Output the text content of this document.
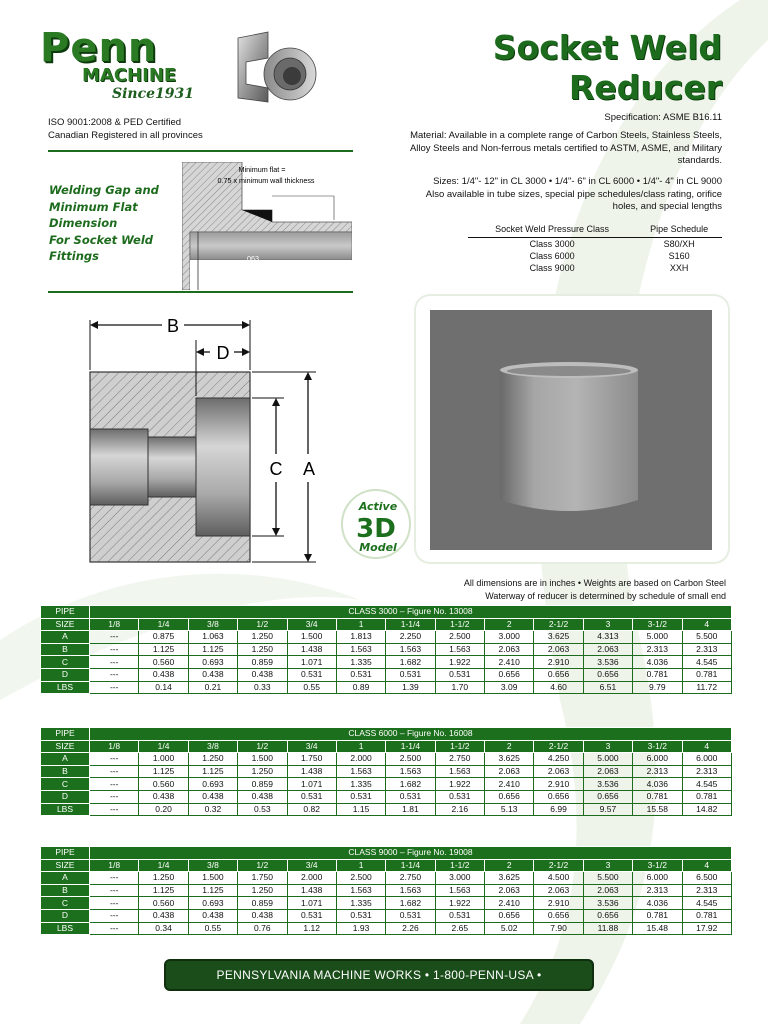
Penn
MACHINE
Since1931
ISO 9001:2008 & PED Certified
Canadian Registered in all provinces
Socket Weld
Reducer
Specification: ASME B16.11
Material: Available in a complete range of Carbon Steels, Stainless Steels, Alloy Steels and Non-ferrous metals certified to ASTM, ASME, and Military standards.
Sizes: 1/4"- 12" in CL 3000 • 1/4"- 6" in CL 6000 • 1/4"- 4" in CL 9000
Also available in tube sizes, special pipe schedules/class rating, orifice holes, and special lengths
Socket Weld Pressure Class	Pipe Schedule
Class 3000	S80/XH
Class 6000	S160
Class 9000	XXH
Welding Gap and
Minimum Flat
Dimension
For Socket Weld
Fittings
Minimum flat =
0.75 x minimum wall thickness
.063
Recommended gap
before welding
B
D
C A
Active
3D
Model
All dimensions are in inches • Weights are based on Carbon Steel
Waterway of reducer is determined by schedule of small end
PIPE	CLASS 3000 – Figure No. 13008												
SIZE	1/8	1/4	3/8	1/2	3/4	1	1-1/4	1-1/2	2	2-1/2	3	3-1/2	4
A	---	0.875	1.063	1.250	1.500	1.813	2.250	2.500	3.000	3.625	4.313	5.000	5.500
B	---	1.125	1.125	1.250	1.438	1.563	1.563	1.563	2.063	2.063	2.063	2.313	2.313
C	---	0.560	0.693	0.859	1.071	1.335	1.682	1.922	2.410	2.910	3.536	4.036	4.545
D	---	0.438	0.438	0.438	0.531	0.531	0.531	0.531	0.656	0.656	0.656	0.781	0.781
LBS	---	0.14	0.21	0.33	0.55	0.89	1.39	1.70	3.09	4.60	6.51	9.79	11.72
PIPE	CLASS 6000 – Figure No. 16008												
SIZE	1/8	1/4	3/8	1/2	3/4	1	1-1/4	1-1/2	2	2-1/2	3	3-1/2	4
A	---	1.000	1.250	1.500	1.750	2.000	2.500	2.750	3.625	4.250	5.000	6.000	6.000
B	---	1.125	1.125	1.250	1.438	1.563	1.563	1.563	2.063	2.063	2.063	2.313	2.313
C	---	0.560	0.693	0.859	1.071	1.335	1.682	1.922	2.410	2.910	3.536	4.036	4.545
D	---	0.438	0.438	0.438	0.531	0.531	0.531	0.531	0.656	0.656	0.656	0.781	0.781
LBS	---	0.20	0.32	0.53	0.82	1.15	1.81	2.16	5.13	6.99	9.57	15.58	14.82
PIPE	CLASS 9000 – Figure No. 19008												
SIZE	1/8	1/4	3/8	1/2	3/4	1	1-1/4	1-1/2	2	2-1/2	3	3-1/2	4
A	---	1.250	1.500	1.750	2.000	2.500	2.750	3.000	3.625	4.500	5.500	6.000	6.500
B	---	1.125	1.125	1.250	1.438	1.563	1.563	1.563	2.063	2.063	2.063	2.313	2.313
C	---	0.560	0.693	0.859	1.071	1.335	1.682	1.922	2.410	2.910	3.536	4.036	4.545
D	---	0.438	0.438	0.438	0.531	0.531	0.531	0.531	0.656	0.656	0.656	0.781	0.781
LBS	---	0.34	0.55	0.76	1.12	1.93	2.26	2.65	5.02	7.90	11.88	15.48	17.92
PENNSYLVANIA MACHINE WORKS • 1-800-PENN-USA • WWW.PENNUSA.COM
